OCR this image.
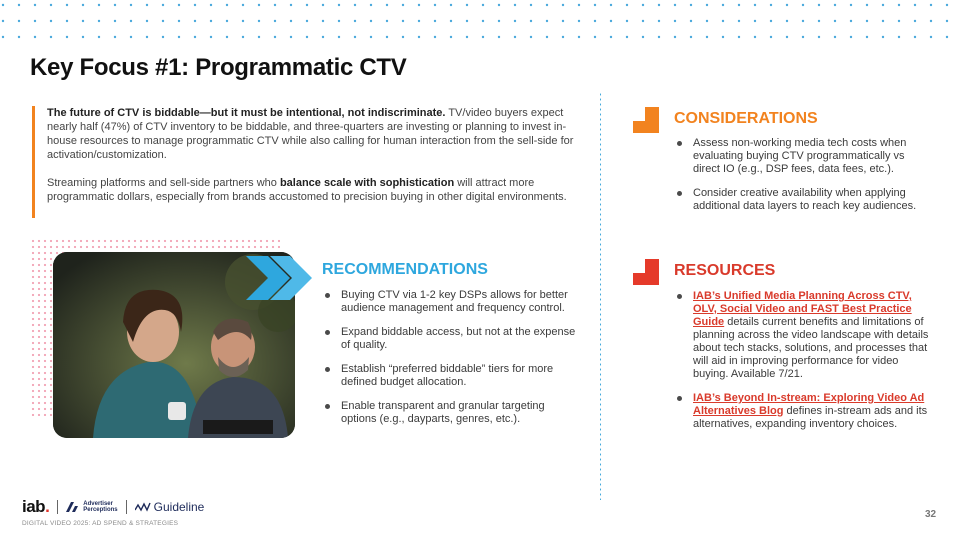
Key Focus #1: Programmatic CTV

The future of CTV is biddable—but it must be intentional, not indiscriminate. TV/video buyers expect nearly half (47%) of CTV inventory to be biddable, and three-quarters are investing or planning to invest in-house resources to manage programmatic CTV while also calling for human interaction from the sell-side for activation/customization.

Streaming platforms and sell-side partners who balance scale with sophistication will attract more programmatic dollars, especially from brands accustomed to precision buying in other digital environments.

RECOMMENDATIONS
Buying CTV via 1-2 key DSPs allows for better audience management and frequency control.
Expand biddable access, but not at the expense of quality.
Establish “preferred biddable” tiers for more defined budget allocation.
Enable transparent and granular targeting options (e.g., dayparts, genres, etc.).
CONSIDERATIONS
Assess non-working media tech costs when evaluating buying CTV programmatically vs direct IO (e.g., DSP fees, data fees, etc.).
Consider creative availability when applying additional data layers to reach key audiences.
RESOURCES
IAB’s Unified Media Planning Across CTV, OLV, Social Video and FAST Best Practice Guide details current benefits and limitations of planning across the video landscape with details about tech stacks, solutions, and processes that will aid in improving performance for video buying. Available 7/21.
IAB’s Beyond In-stream: Exploring Video Ad Alternatives Blog defines in-stream ads and its alternatives, expanding inventory choices.
iab.	Advertiser
Perceptions	Guideline
DIGITAL VIDEO 2025: AD SPEND & STRATEGIES
32
